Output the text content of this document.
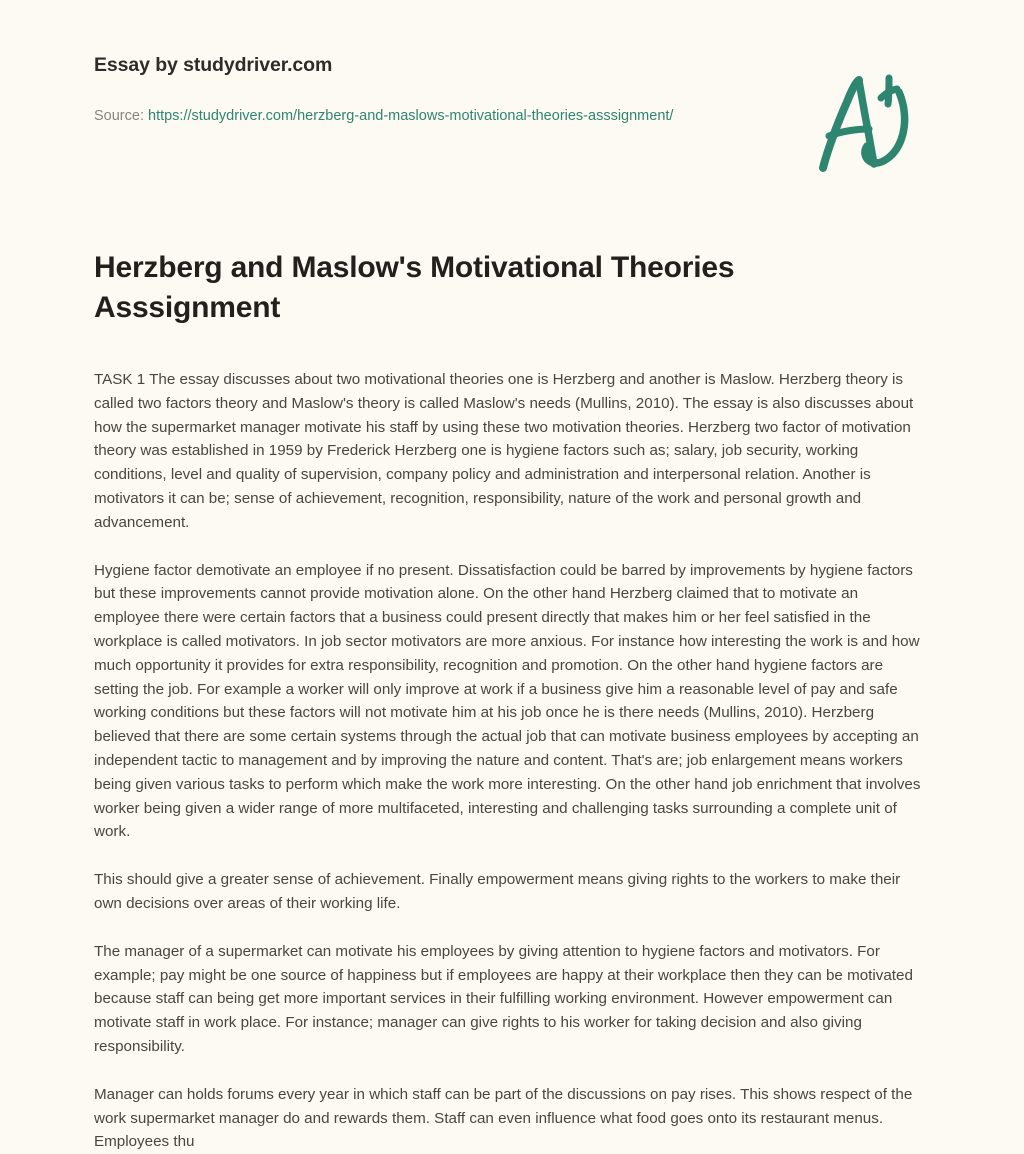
Essay by studydriver.com
Source: https://studydriver.com/herzberg-and-maslows-motivational-theories-asssignment/
Herzberg and Maslow's Motivational Theories Asssignment

TASK 1 The essay discusses about two motivational theories one is Herzberg and another is Maslow. Herzberg theory is called two factors theory and Maslow's theory is called Maslow's needs (Mullins, 2010). The essay is also discusses about how the supermarket manager motivate his staff by using these two motivation theories. Herzberg two factor of motivation theory was established in 1959 by Frederick Herzberg one is hygiene factors such as; salary, job security, working conditions, level and quality of supervision, company policy and administration and interpersonal relation. Another is motivators it can be; sense of achievement, recognition, responsibility, nature of the work and personal growth and advancement.

Hygiene factor demotivate an employee if no present. Dissatisfaction could be barred by improvements by hygiene factors but these improvements cannot provide motivation alone. On the other hand Herzberg claimed that to motivate an employee there were certain factors that a business could present directly that makes him or her feel satisfied in the workplace is called motivators. In job sector motivators are more anxious. For instance how interesting the work is and how much opportunity it provides for extra responsibility, recognition and promotion. On the other hand hygiene factors are setting the job. For example a worker will only improve at work if a business give him a reasonable level of pay and safe working conditions but these factors will not motivate him at his job once he is there needs (Mullins, 2010). Herzberg believed that there are some certain systems through the actual job that can motivate business employees by accepting an independent tactic to management and by improving the nature and content. That's are; job enlargement means workers being given various tasks to perform which make the work more interesting. On the other hand job enrichment that involves worker being given a wider range of more multifaceted, interesting and challenging tasks surrounding a complete unit of work.

This should give a greater sense of achievement. Finally empowerment means giving rights to the workers to make their own decisions over areas of their working life.

The manager of a supermarket can motivate his employees by giving attention to hygiene factors and motivators. For example; pay might be one source of happiness but if employees are happy at their workplace then they can be motivated because staff can being get more important services in their fulfilling working environment. However empowerment can motivate staff in work place. For instance; manager can give rights to his worker for taking decision and also giving responsibility.

Manager can holds forums every year in which staff can be part of the discussions on pay rises. This shows respect of the work supermarket manager do and rewards them. Staff can even influence what food goes onto its restaurant menus. Employees thu
